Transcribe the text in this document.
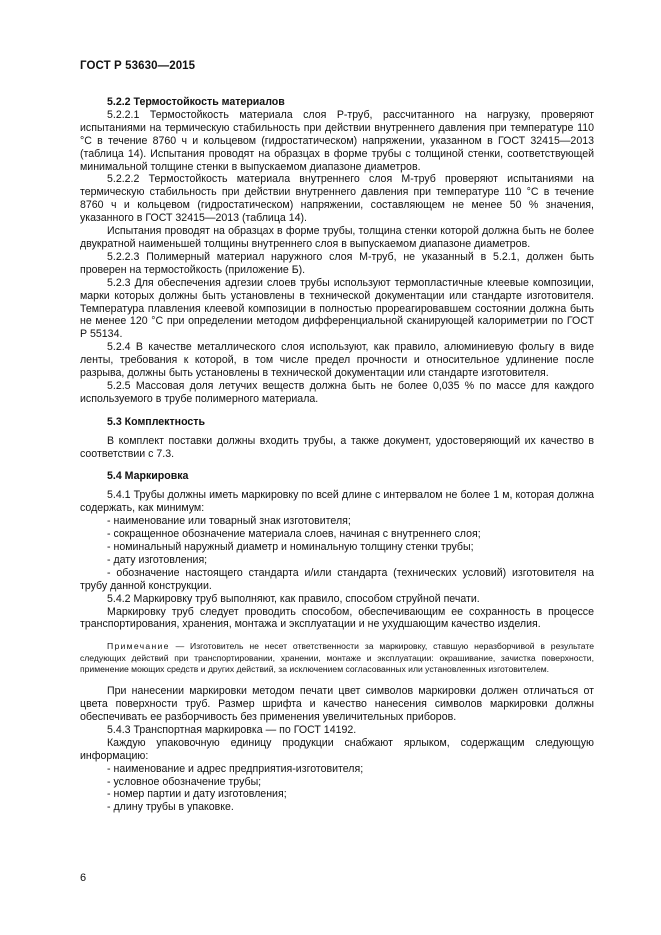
ГОСТ Р 53630—2015

5.2.2 Термостойкость материалов

5.2.2.1 Термостойкость материала слоя Р-труб, рассчитанного на нагрузку, проверяют испытаниями на термическую стабильность при действии внутреннего давления при температуре 110 °С в течение 8760 ч и кольцевом (гидростатическом) напряжении, указанном в ГОСТ 32415—2013 (таблица 14). Испытания проводят на образцах в форме трубы с толщиной стенки, соответствующей минимальной толщине стенки в выпускаемом диапазоне диаметров.

5.2.2.2 Термостойкость материала внутреннего слоя М-труб проверяют испытаниями на термическую стабильность при действии внутреннего давления при температуре 110 °С в течение 8760 ч и кольцевом (гидростатическом) напряжении, составляющем не менее 50 % значения, указанного в ГОСТ 32415—2013 (таблица 14).

Испытания проводят на образцах в форме трубы, толщина стенки которой должна быть не более двукратной наименьшей толщины внутреннего слоя в выпускаемом диапазоне диаметров.

5.2.2.3 Полимерный материал наружного слоя М-труб, не указанный в 5.2.1, должен быть проверен на термостойкость (приложение Б).

5.2.3 Для обеспечения адгезии слоев трубы используют термопластичные клеевые композиции, марки которых должны быть установлены в технической документации или стандарте изготовителя. Температура плавления клеевой композиции в полностью прореагировавшем состоянии должна быть не менее 120 °С при определении методом дифференциальной сканирующей калориметрии по ГОСТ Р 55134.

5.2.4 В качестве металлического слоя используют, как правило, алюминиевую фольгу в виде ленты, требования к которой, в том числе предел прочности и относительное удлинение после разрыва, должны быть установлены в технической документации или стандарте изготовителя.

5.2.5 Массовая доля летучих веществ должна быть не более 0,035 % по массе для каждого используемого в трубе полимерного материала.

5.3 Комплектность

В комплект поставки должны входить трубы, а также документ, удостоверяющий их качество в соответствии с 7.3.

5.4 Маркировка

5.4.1 Трубы должны иметь маркировку по всей длине с интервалом не более 1 м, которая должна содержать, как минимум:

- наименование или товарный знак изготовителя;

- сокращенное обозначение материала слоев, начиная с внутреннего слоя;

- номинальный наружный диаметр и номинальную толщину стенки трубы;

- дату изготовления;

- обозначение настоящего стандарта и/или стандарта (технических условий) изготовителя на трубу данной конструкции.

5.4.2 Маркировку труб выполняют, как правило, способом струйной печати.

Маркировку труб следует проводить способом, обеспечивающим ее сохранность в процессе транспортирования, хранения, монтажа и эксплуатации и не ухудшающим качество изделия.

Примечание — Изготовитель не несет ответственности за маркировку, ставшую неразборчивой в результате следующих действий при транспортировании, хранении, монтаже и эксплуатации: окрашивание, зачистка поверхности, применение моющих средств и других действий, за исключением согласованных или установленных изготовителем.

При нанесении маркировки методом печати цвет символов маркировки должен отличаться от цвета поверхности труб. Размер шрифта и качество нанесения символов маркировки должны обеспечивать ее разборчивость без применения увеличительных приборов.

5.4.3 Транспортная маркировка — по ГОСТ 14192.

Каждую упаковочную единицу продукции снабжают ярлыком, содержащим следующую информацию:

- наименование и адрес предприятия-изготовителя;

- условное обозначение трубы;

- номер партии и дату изготовления;

- длину трубы в упаковке.

6
